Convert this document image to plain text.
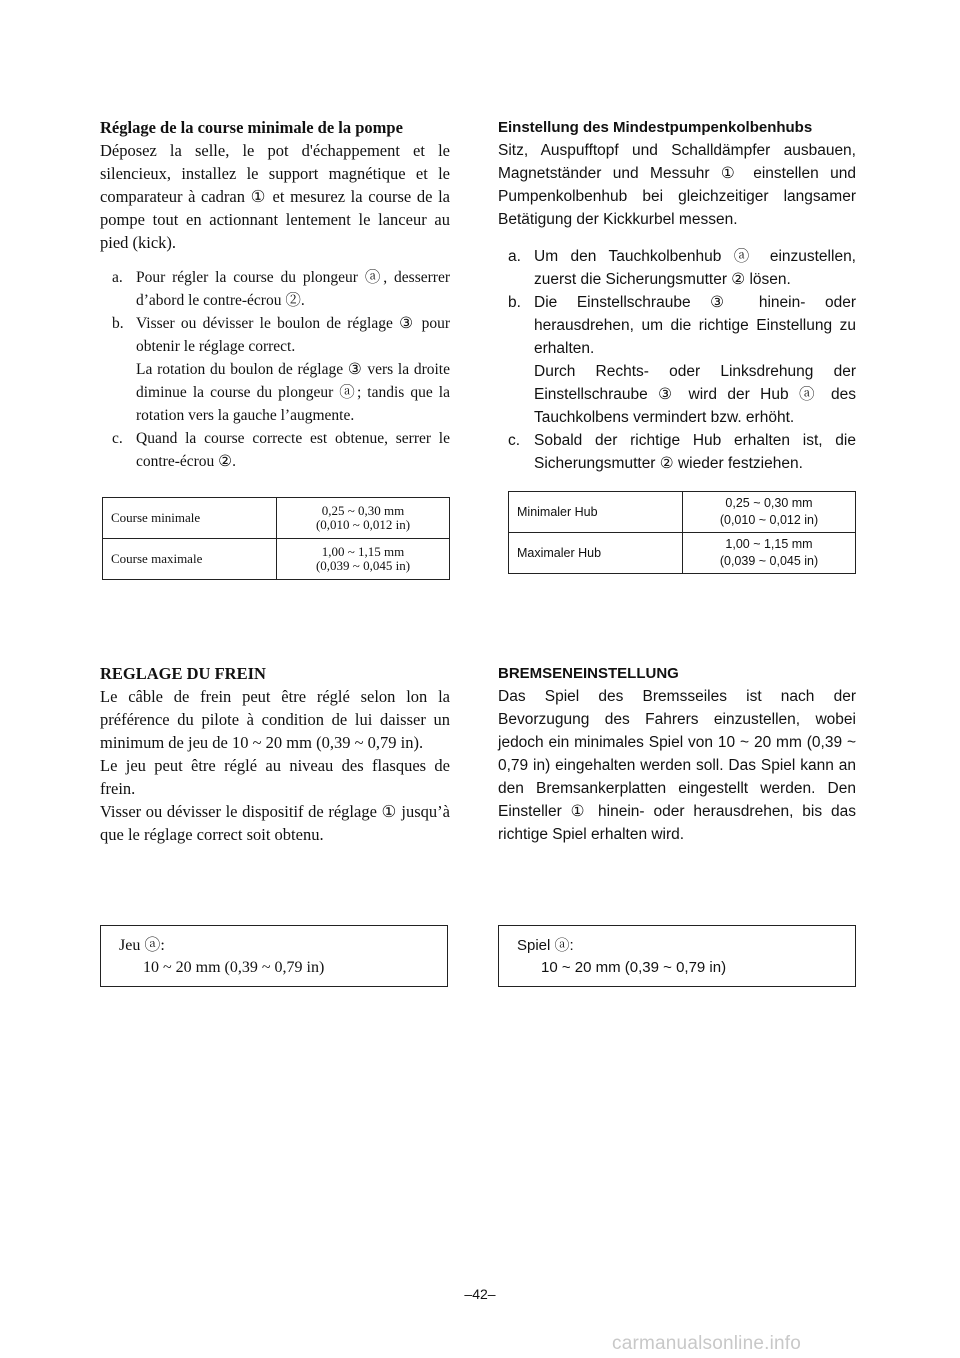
Réglage de la course minimale de la pompe

Déposez la selle, le pot d'échappement et le silencieux, installez le support magnétique et le comparateur à cadran ① et mesurez la course de la pompe tout en actionnant lentement le lanceur au pied (kick).

a. Pour régler la course du plongeur ⓐ, desserrer d’abord le contre-écrou ②.
b. Visser ou dévisser le boulon de réglage ③ pour obtenir le réglage correct.
La rotation du boulon de réglage ③ vers la droite diminue la course du plongeur ⓐ; tandis que la rotation vers la gauche l’augmente.
c. Quand la course correcte est obtenue, serrer le contre-écrou ②.
Course minimale	0,25 ~ 0,30 mm
(0,010 ~ 0,012 in)

Course maximale	1,00 ~ 1,15 mm
(0,039 ~ 0,045 in)
Einstellung des Mindestpumpenkolbenhubs

Sitz, Auspufftopf und Schalldämpfer ausbauen, Magnetständer und Messuhr ① einstellen und Pumpenkolbenhub bei gleichzeitiger langsamer Betätigung der Kickkurbel messen.

a. Um den Tauchkolbenhub ⓐ einzustellen, zuerst die Sicherungsmutter ② lösen.
b. Die Einstellschraube ③ hinein- oder herausdrehen, um die richtige Einstellung zu erhalten.
Durch Rechts- oder Linksdrehung der Einstellschraube ③ wird der Hub ⓐ des Tauchkolbens vermindert bzw. erhöht.
c. Sobald der richtige Hub erhalten ist, die Sicherungsmutter ② wieder festziehen.
Minimaler Hub	0,25 ~ 0,30 mm
(0,010 ~ 0,012 in)

Maximaler Hub	1,00 ~ 1,15 mm
(0,039 ~ 0,045 in)
REGLAGE DU FREIN

Le câble de frein peut être réglé selon lon la préférence du pilote à condition de lui daisser un minimum de jeu de 10 ~ 20 mm (0,39 ~ 0,79 in).

Le jeu peut être réglé au niveau des flasques de frein.

Visser ou dévisser le dispositif de réglage ① jusqu’à que le réglage correct soit obtenu.

BREMSENEINSTELLUNG

Das Spiel des Bremsseiles ist nach der Bevorzugung des Fahrers einzustellen, wobei jedoch ein minimales Spiel von 10 ~ 20 mm (0,39 ~ 0,79 in) eingehalten werden soll. Das Spiel kann an den Bremsankerplatten eingestellt werden. Den Einsteller ① hinein- oder herausdrehen, bis das richtige Spiel erhalten wird.

Jeu ⓐ:
10 ~ 20 mm (0,39 ~ 0,79 in)
Spiel ⓐ:
10 ~ 20 mm (0,39 ~ 0,79 in)
–42–
carmanualsonline.info
